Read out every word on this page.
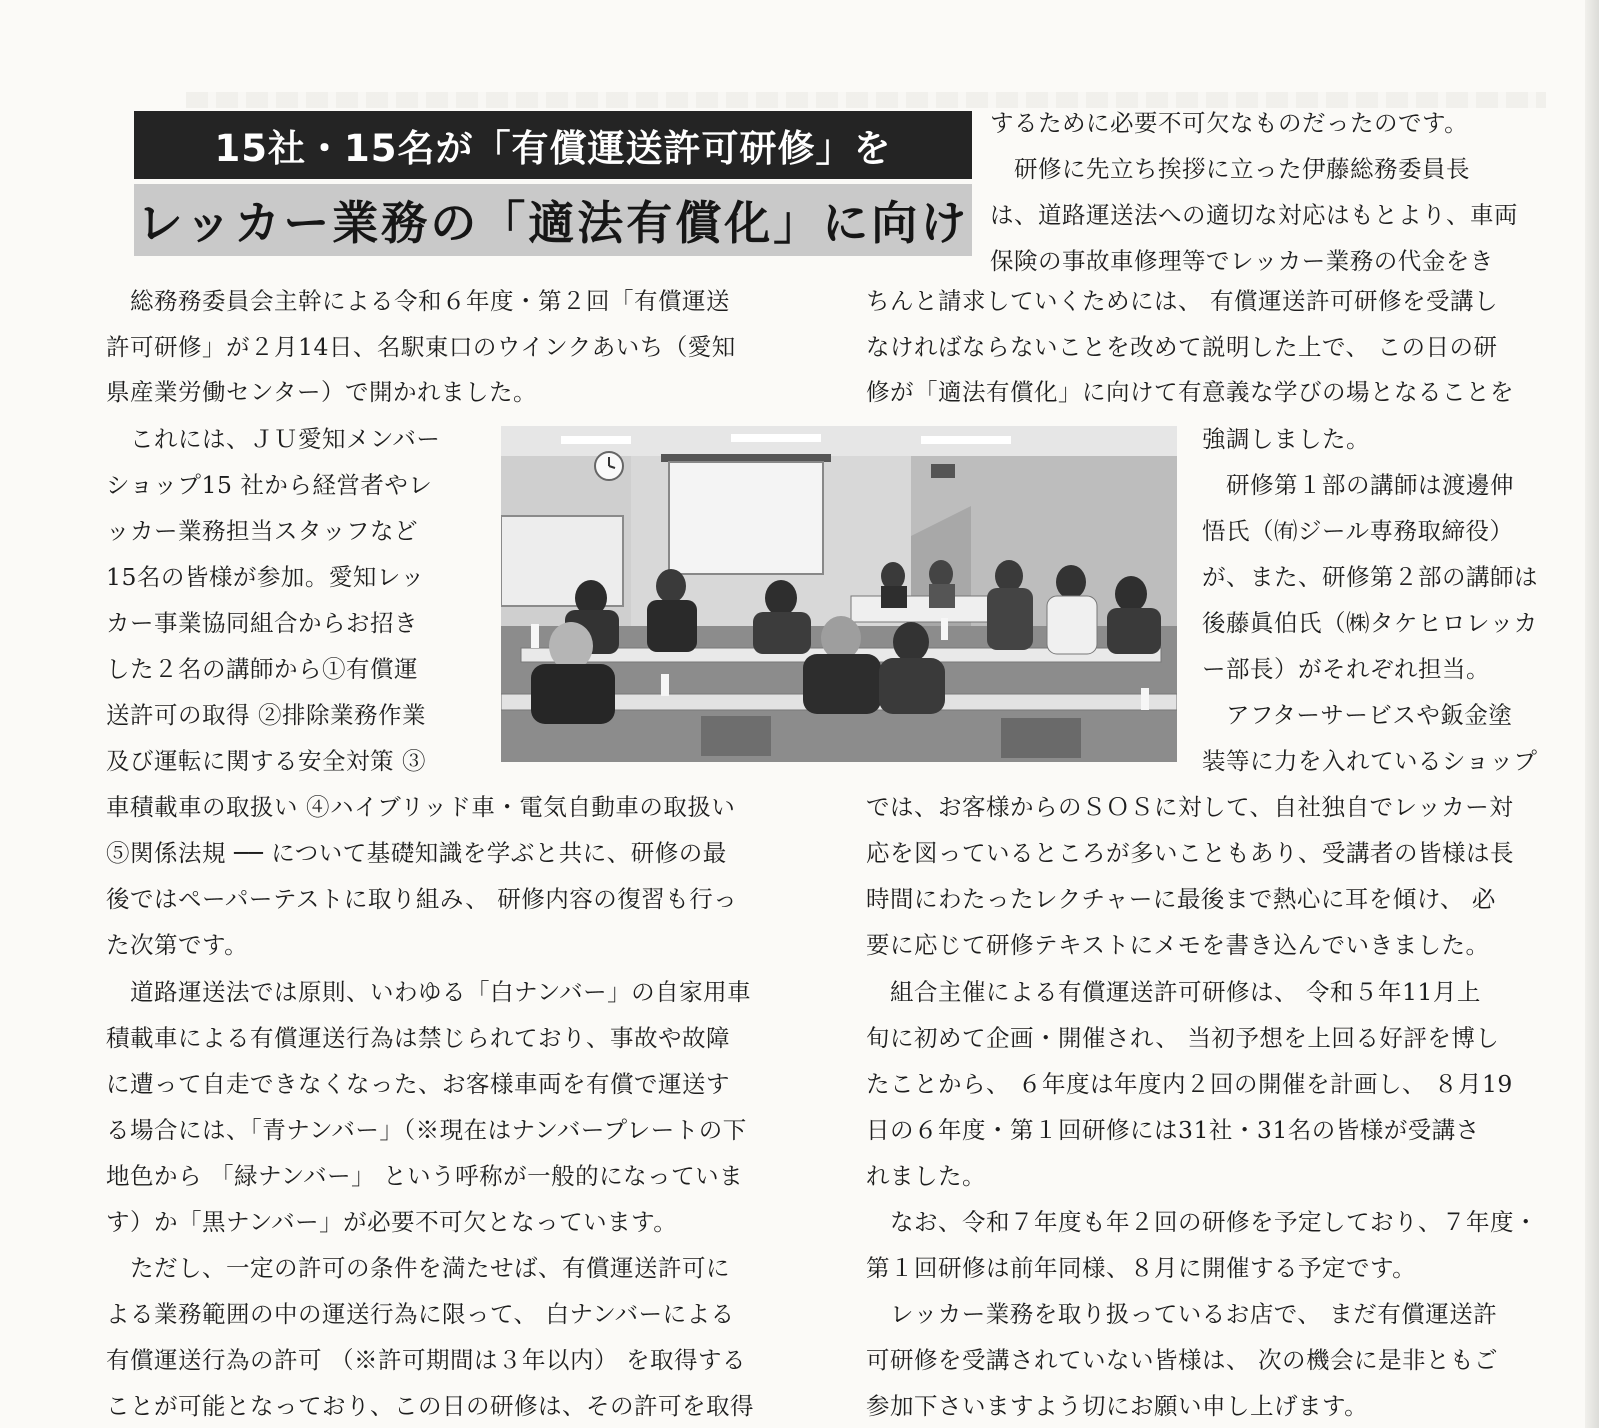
15社・15名が「有償運送許可研修」を
レッカー業務の「適法有償化」に向け

　総務務委員会主幹による令和６年度・第２回「有償運送

許可研修」が２月14日、名駅東口のウインクあいち（愛知

県産業労働センター）で開かれました。

　これには、ＪＵ愛知メンバー

ショップ15 社から経営者やレ

ッカー業務担当スタッフなど

15名の皆様が参加。愛知レッ

カー事業協同組合からお招き

した２名の講師から①有償運

送許可の取得 ②排除業務作業

及び運転に関する安全対策 ③

車積載車の取扱い ④ハイブリッド車・電気自動車の取扱い

⑤関係法規 ── について基礎知識を学ぶと共に、研修の最

後ではペーパーテストに取り組み、 研修内容の復習も行っ

た次第です。

　道路運送法では原則、いわゆる「白ナンバー」の自家用車

積載車による有償運送行為は禁じられており、事故や故障

に遭って自走できなくなった、お客様車両を有償で運送す

る場合には、「青ナンバー」（※現在はナンバープレートの下

地色から 「緑ナンバー」 という呼称が一般的になっていま

す）か「黒ナンバー」が必要不可欠となっています。

　ただし、一定の許可の条件を満たせば、有償運送許可に

よる業務範囲の中の運送行為に限って、 白ナンバーによる

有償運送行為の許可 （※許可期間は３年以内） を取得する

ことが可能となっており、この日の研修は、その許可を取得

するために必要不可欠なものだったのです。

　研修に先立ち挨拶に立った伊藤総務委員長

は、道路運送法への適切な対応はもとより、車両

保険の事故車修理等でレッカー業務の代金をき

ちんと請求していくためには、 有償運送許可研修を受講し

なければならないことを改めて説明した上で、 この日の研

修が「適法有償化」に向けて有意義な学びの場となることを

強調しました。

　研修第１部の講師は渡邊伸

悟氏（㈲ジール専務取締役）

が、また、研修第２部の講師は

後藤眞伯氏（㈱タケヒロレッカ

ー部長）がそれぞれ担当。

　アフターサービスや鈑金塗

装等に力を入れているショップ

では、お客様からのＳＯＳに対して、自社独自でレッカー対

応を図っているところが多いこともあり、受講者の皆様は長

時間にわたったレクチャーに最後まで熱心に耳を傾け、 必

要に応じて研修テキストにメモを書き込んでいきました。

　組合主催による有償運送許可研修は、 令和５年11月上

旬に初めて企画・開催され、 当初予想を上回る好評を博し

たことから、 ６年度は年度内２回の開催を計画し、 ８月19

日の６年度・第１回研修には31社・31名の皆様が受講さ

れました。

　なお、令和７年度も年２回の研修を予定しており、７年度・

第１回研修は前年同様、８月に開催する予定です。

　レッカー業務を取り扱っているお店で、 まだ有償運送許

可研修を受講されていない皆様は、 次の機会に是非ともご

参加下さいますよう切にお願い申し上げます。
